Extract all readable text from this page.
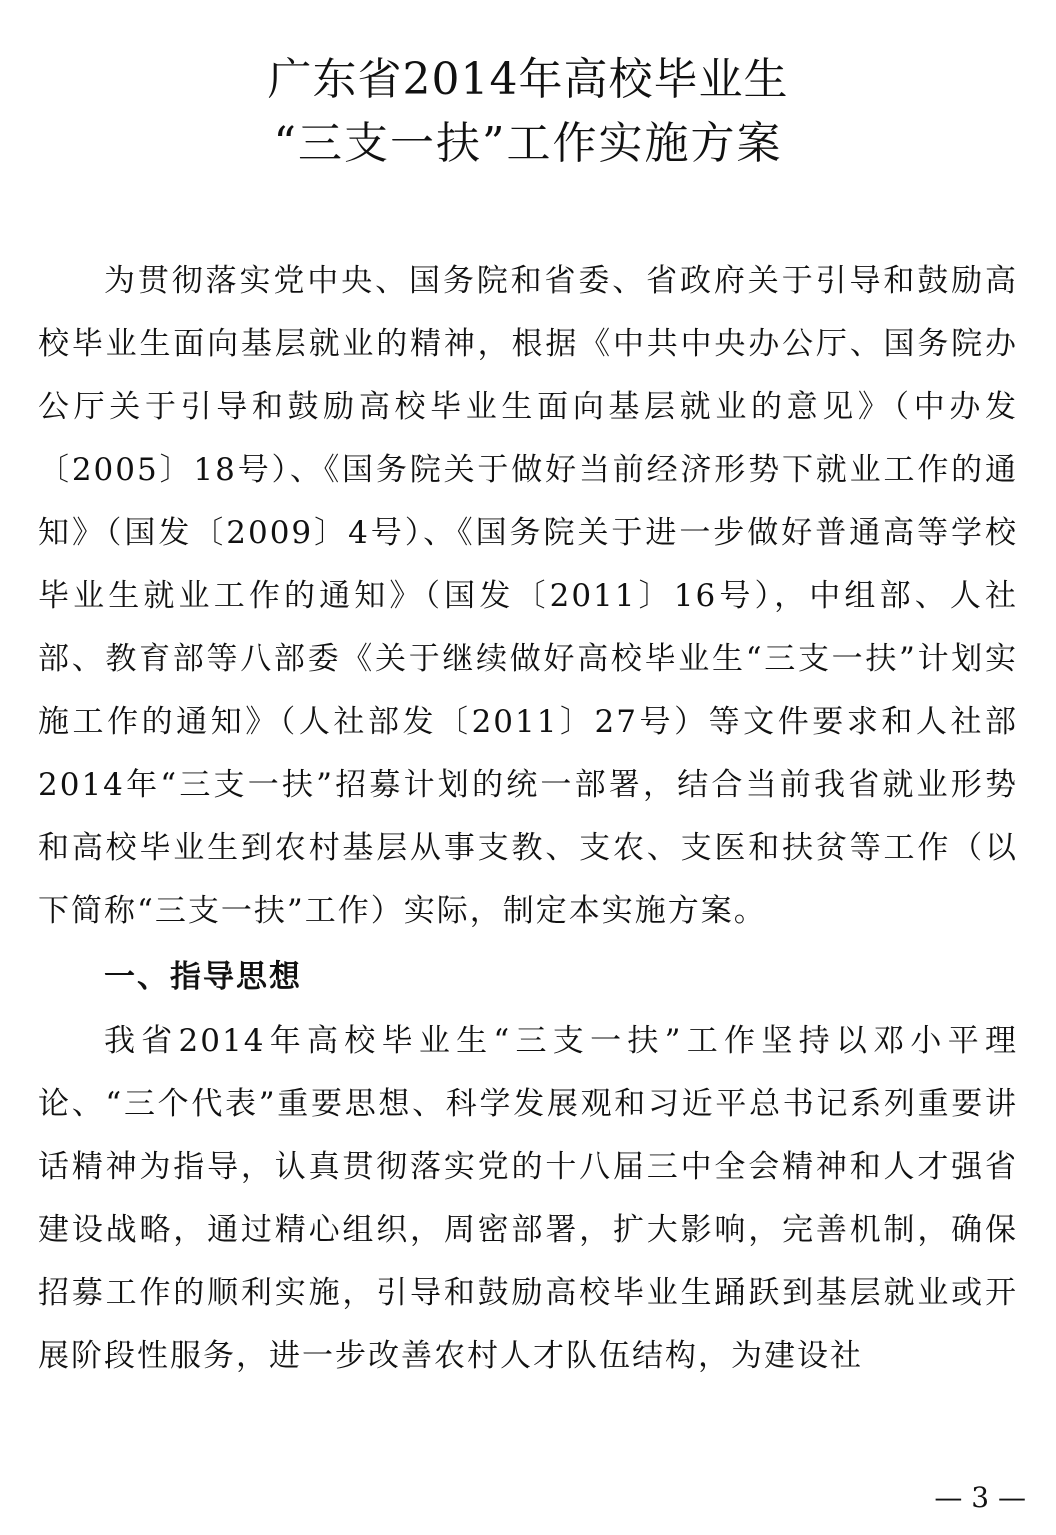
广东省2014年高校毕业生
“三支一扶”工作实施方案

为贯彻落实党中央、国务院和省委、省政府关于引导和鼓励高校毕业生面向基层就业的精神，根据《中共中央办公厅、国务院办公厅关于引导和鼓励高校毕业生面向基层就业的意见》（中办发〔2005〕18号）、《国务院关于做好当前经济形势下就业工作的通知》（国发〔2009〕4号）、《国务院关于进一步做好普通高等学校毕业生就业工作的通知》（国发〔2011〕16号），中组部、人社部、教育部等八部委《关于继续做好高校毕业生“三支一扶”计划实施工作的通知》（人社部发〔2011〕27号）等文件要求和人社部2014年“三支一扶”招募计划的统一部署，结合当前我省就业形势和高校毕业生到农村基层从事支教、支农、支医和扶贫等工作（以下简称“三支一扶”工作）实际，制定本实施方案。

一、指导思想

我省2014年高校毕业生“三支一扶”工作坚持以邓小平理论、“三个代表”重要思想、科学发展观和习近平总书记系列重要讲话精神为指导，认真贯彻落实党的十八届三中全会精神和人才强省建设战略，通过精心组织，周密部署，扩大影响，完善机制，确保招募工作的顺利实施，引导和鼓励高校毕业生踊跃到基层就业或开展阶段性服务，进一步改善农村人才队伍结构，为建设社

— 3 —
